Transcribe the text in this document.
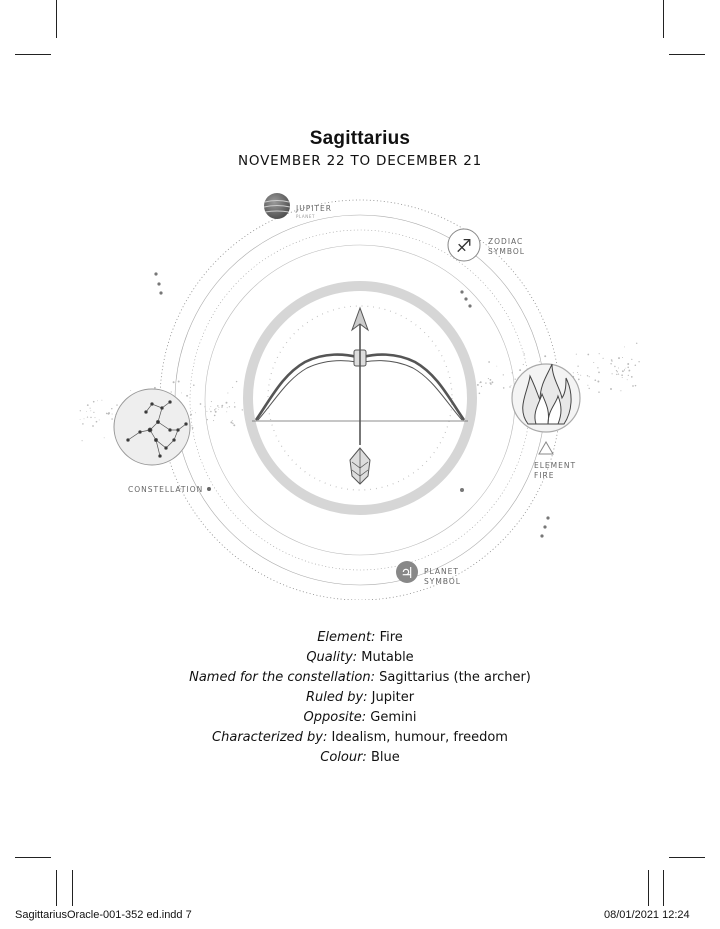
Sagittarius
NOVEMBER 22 TO DECEMBER 21
JUPITER
PLANET
♐ ZODIAC
SYMBOL
ELEMENT
FIRE
CONSTELLATION
♃ PLANET
SYMBOL
Element: Fire
Quality: Mutable
Named for the constellation: Sagittarius (the archer)
Ruled by: Jupiter
Opposite: Gemini
Characterized by: Idealism, humour, freedom
Colour: Blue
SagittariusOracle-001-352 ed.indd 7	08/01/2021 12:24
